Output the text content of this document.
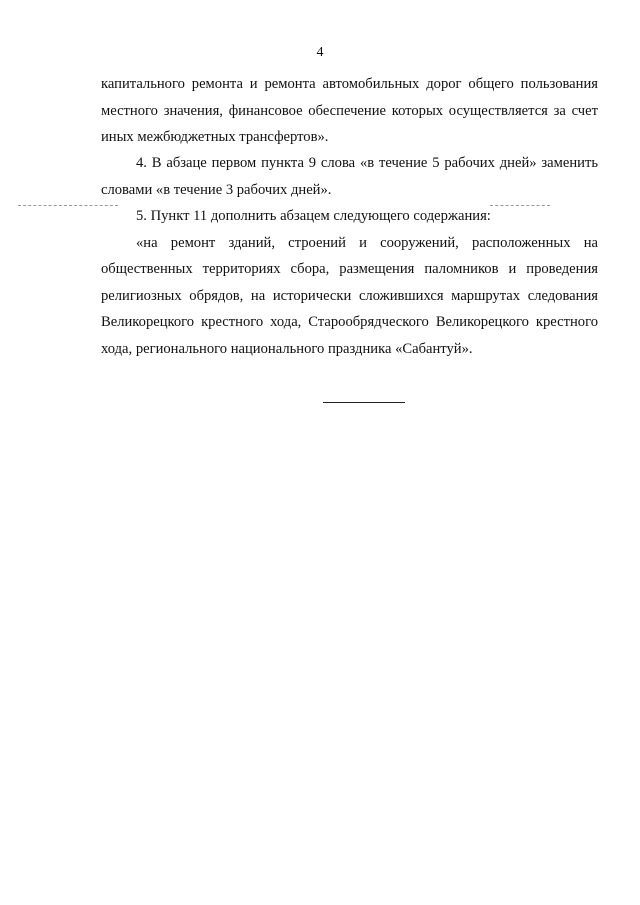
4

капитального ремонта и ремонта автомобильных дорог общего пользования местного значения, финансовое обеспечение которых осуществляется за счет иных межбюджетных трансфертов».

4. В абзаце первом пункта 9 слова «в течение 5 рабочих дней» заменить словами «в течение 3 рабочих дней».

5. Пункт 11 дополнить абзацем следующего содержания:

«на ремонт зданий, строений и сооружений, расположенных на общественных территориях сбора, размещения паломников и проведения религиозных обрядов, на исторически сложившихся маршрутах следования Великорецкого крестного хода, Старообрядческого Великорецкого крестного хода, регионального национального праздника «Сабантуй».
